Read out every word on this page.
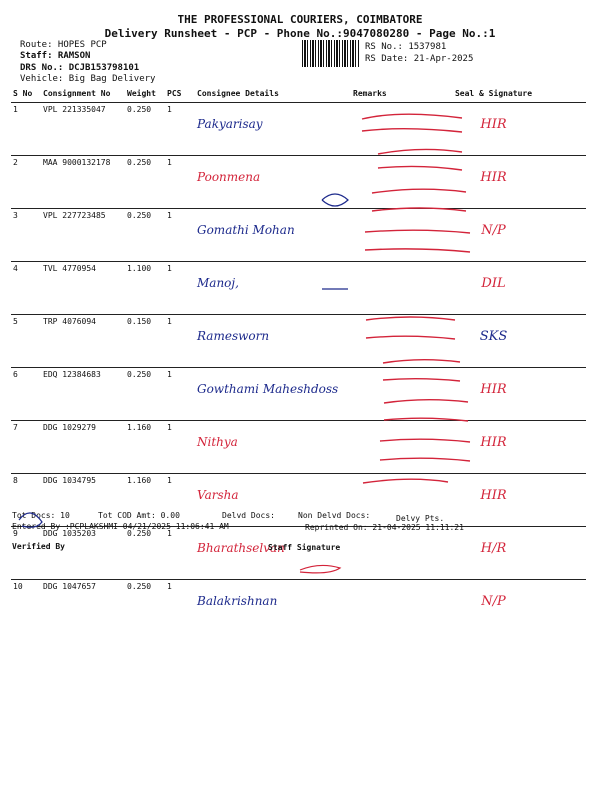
THE PROFESSIONAL COURIERS, COIMBATORE
Delivery Runsheet - PCP - Phone No.:9047080280 - Page No.:1
Route: HOPES PCP
Staff: RAMSON
DRS No.: DCJB153798101
Vehicle: Big Bag Delivery
RS No.: 1537981
RS Date: 21-Apr-2025
S No	Consignment No	Weight	PCS	Consignee Details	Remarks	Seal & Signature
1	VPL 221335047	0.250	1	Pakyarisay		HIR
2	MAA 9000132178	0.250	1	Poonmena		HIR
3	VPL 227723485	0.250	1	Gomathi Mohan		N/P
4	TVL 4770954	1.100	1	Manoj,		DIL
5	TRP 4076094	0.150	1	Ramesworn		SKS
6	EDQ 12384683	0.250	1	Gowthami Maheshdoss		HIR
7	DDG 1029279	1.160	1	Nithya		HIR
8	DDG 1034795	1.160	1	Varsha		HIR
9	DDG 1035203	0.250	1	Bharathselvan		H/R
10	DDG 1047657	0.250	1	Balakrishnan		N/P
Tot Docs: 10	Tot COD Amt: 0.00	Delvd Docs:	Non Delvd Docs:	Delvy Pts.
Entered By :PCPLAKSHMI 04/21/2025 11:06:41 AM	Reprinted On: 21-04-2025 11:11:21
Verified By	Staff Signature
